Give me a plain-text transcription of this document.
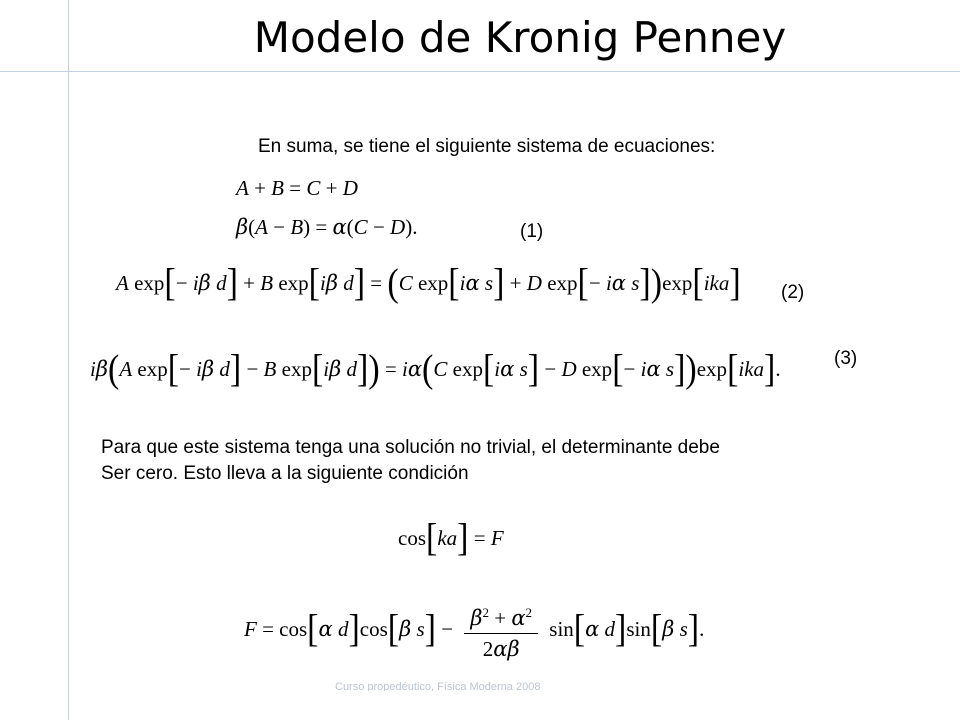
Modelo de Kronig Penney
En suma, se tiene el siguiente sistema de ecuaciones:
A + B = C + D
β(A − B) = α(C − D).	(1)
A exp[− iβ d] + B exp[iβ d] = (C exp[iα s] + D exp[− iα s])exp[ika] (2)
iβ(A exp[− iβ d] − B exp[iβ d]) = iα(C exp[iα s] − D exp[− iα s])exp[ika].	(3)
Para que este sistema tenga una solución no trivial, el determinante debe
Ser cero. Esto lleva a la siguiente condición
cos[ka] = F
F = cos[α d]cos[β $s] - \frac{\beta^2 + \alpha^2}{2\alpha\beta} \sin[\alpha$ d]sin[β s].
Curso propedéutico, Física Moderna 2008
